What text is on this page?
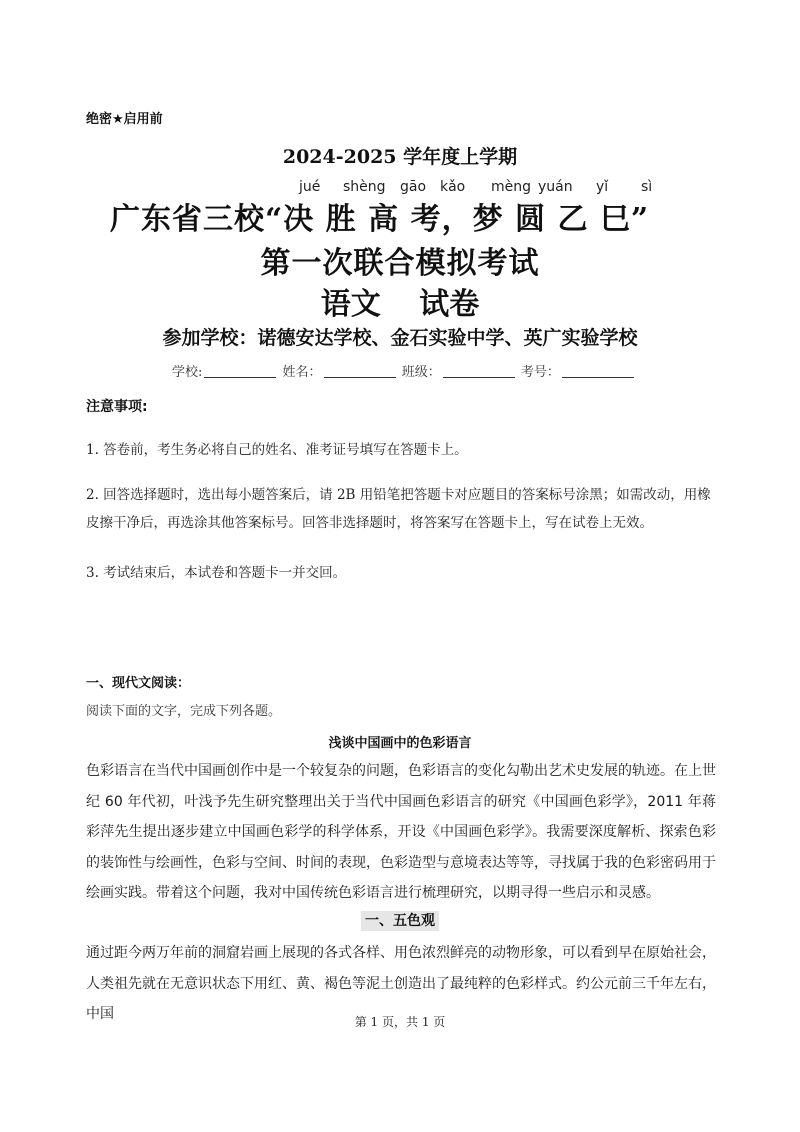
绝密★启用前
2024-2025 学年度上学期
jué shèng gāo kǎo mèng yuán yǐ sì
广东省三校“决 胜 高 考，梦 圆 乙 巳”
第一次联合模拟考试
语文 试卷
参加学校：诺德安达学校、金石实验中学、英广实验学校
学校:	姓名：	班级：	考号：
注意事项:
1. 答卷前，考生务必将自己的姓名、准考证号填写在答题卡上。
2. 回答选择题时，选出每小题答案后，请 2B 用铅笔把答题卡对应题目的答案标号涂黑；如需改动，用橡皮擦干净后，再选涂其他答案标号。回答非选择题时，将答案写在答题卡上，写在试卷上无效。
3. 考试结束后，本试卷和答题卡一并交回。
一、现代文阅读：
阅读下面的文字，完成下列各题。
浅谈中国画中的色彩语言
色彩语言在当代中国画创作中是一个较复杂的问题，色彩语言的变化勾勒出艺术史发展的轨迹。在上世纪 60 年代初，叶浅予先生研究整理出关于当代中国画色彩语言的研究《中国画色彩学》，2011 年蒋彩萍先生提出逐步建立中国画色彩学的科学体系，开设《中国画色彩学》。我需要深度解析、探索色彩的装饰性与绘画性，色彩与空间、时间的表现，色彩造型与意境表达等等，寻找属于我的色彩密码用于绘画实践。带着这个问题，我对中国传统色彩语言进行梳理研究，以期寻得一些启示和灵感。
一、五色观
通过距今两万年前的洞窟岩画上展现的各式各样、用色浓烈鲜亮的动物形象，可以看到早在原始社会，人类祖先就在无意识状态下用红、黄、褐色等泥土创造出了最纯粹的色彩样式。约公元前三千年左右，中国	第 1 页，共 1 页
